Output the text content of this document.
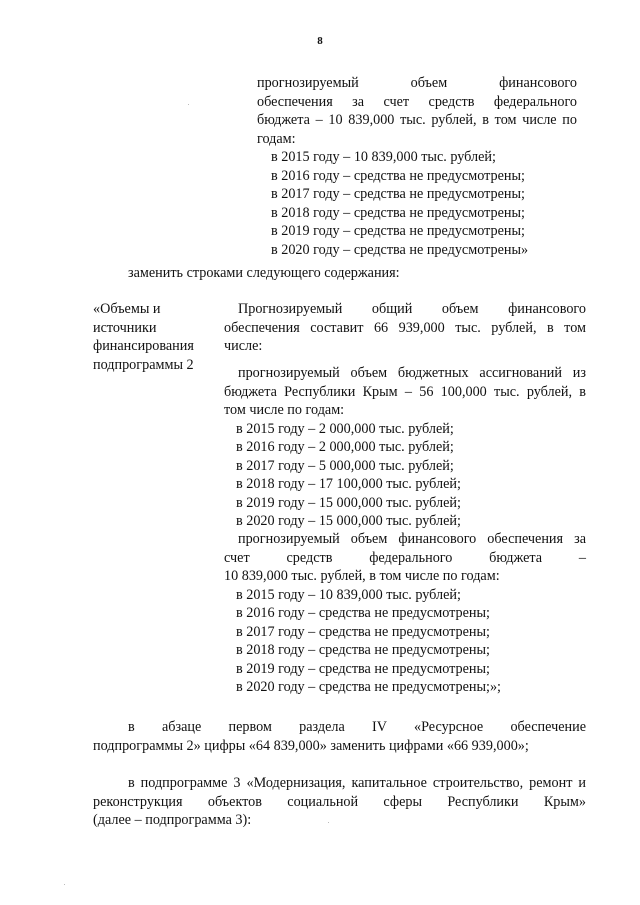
8
прогнозируемый объем финансового
обеспечения за счет средств федерального
бюджета – 10 839,000 тыс. рублей, в том числе по
годам:
в 2015 году – 10 839,000 тыс. рублей;
в 2016 году – средства не предусмотрены;
в 2017 году – средства не предусмотрены;
в 2018 году – средства не предусмотрены;
в 2019 году – средства не предусмотрены;
в 2020 году – средства не предусмотрены»
заменить строками следующего содержания:
«Объемы и
источники
финансирования
подпрограммы 2
Прогнозируемый общий объем финансового
обеспечения составит 66 939,000 тыс. рублей, в том
числе:
прогнозируемый объем бюджетных ассигнований из
бюджета Республики Крым – 56 100,000 тыс. рублей, в
том числе по годам:
в 2015 году – 2 000,000 тыс. рублей;
в 2016 году – 2 000,000 тыс. рублей;
в 2017 году – 5 000,000 тыс. рублей;
в 2018 году – 17 100,000 тыс. рублей;
в 2019 году – 15 000,000 тыс. рублей;
в 2020 году – 15 000,000 тыс. рублей;
прогнозируемый объем финансового обеспечения за
счет средств федерального бюджета –
10 839,000 тыс. рублей, в том числе по годам:
в 2015 году – 10 839,000 тыс. рублей;
в 2016 году – средства не предусмотрены;
в 2017 году – средства не предусмотрены;
в 2018 году – средства не предусмотрены;
в 2019 году – средства не предусмотрены;
в 2020 году – средства не предусмотрены;»;
в абзаце первом раздела IV «Ресурсное обеспечение
подпрограммы 2» цифры «64 839,000» заменить цифрами «66 939,000»;
в подпрограмме 3 «Модернизация, капитальное строительство, ремонт и
реконструкция объектов социальной сферы Республики Крым»
(далее – подпрограмма 3):
